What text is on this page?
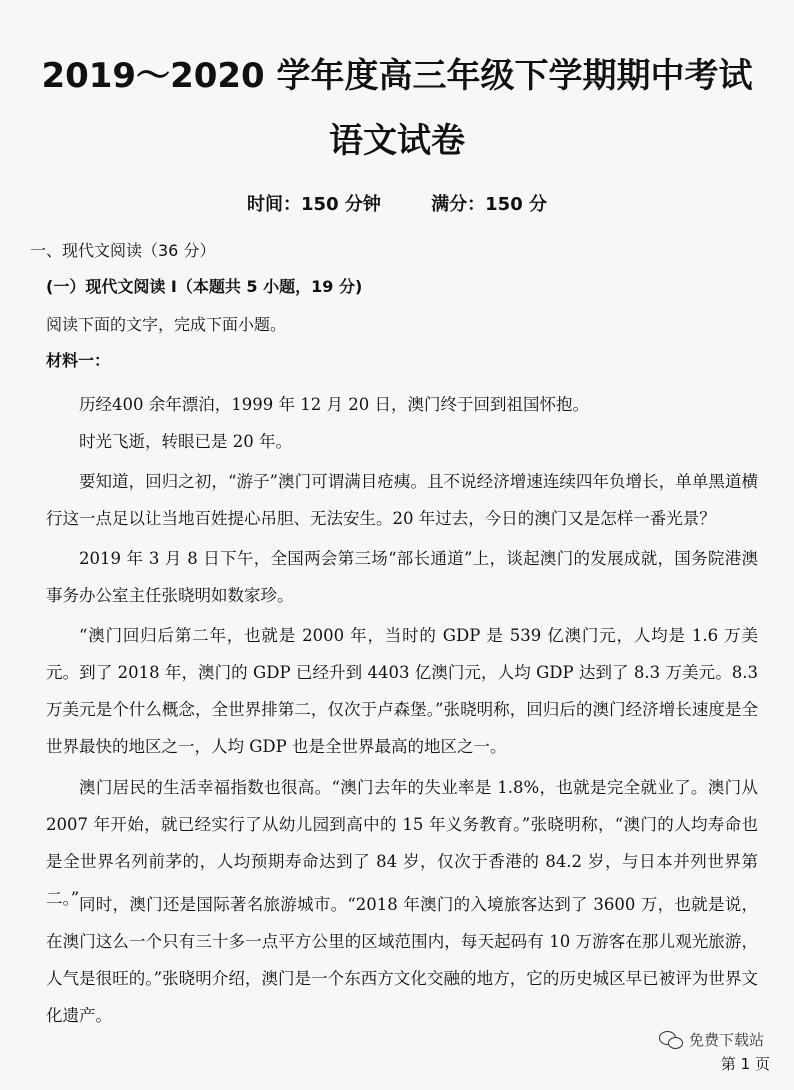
2019～2020 学年度高三年级下学期期中考试
语文试卷
时间：150 分钟	满分：150 分
一、现代文阅读（36 分）
(一）现代文阅读 I（本题共 5 小题，19 分)
阅读下面的文字，完成下面小题。
材料一：
历经400 余年漂泊，1999 年 12 月 20 日，澳门终于回到祖国怀抱。
时光飞逝，转眼已是 20 年。
要知道，回归之初，“游子”澳门可谓满目疮痍。且不说经济增速连续四年负增长，单单黑道横行这一点足以让当地百姓提心吊胆、无法安生。20 年过去，今日的澳门又是怎样一番光景？
2019 年 3 月 8 日下午，全国两会第三场“部长通道”上，谈起澳门的发展成就，国务院港澳事务办公室主任张晓明如数家珍。
“澳门回归后第二年，也就是 2000 年，当时的 GDP 是 539 亿澳门元，人均是 1.6 万美元。到了 2018 年，澳门的 GDP 已经升到 4403 亿澳门元，人均 GDP 达到了 8.3 万美元。8.3 万美元是个什么概念，全世界排第二，仅次于卢森堡。”张晓明称，回归后的澳门经济增长速度是全世界最快的地区之一，人均 GDP 也是全世界最高的地区之一。
澳门居民的生活幸福指数也很高。“澳门去年的失业率是 1.8%，也就是完全就业了。澳门从 2007 年开始，就已经实行了从幼儿园到高中的 15 年义务教育。”张晓明称，“澳门的人均寿命也是全世界名列前茅的，人均预期寿命达到了 84 岁，仅次于香港的 84.2 岁，与日本并列世界第二。” 同时，澳门还是国际著名旅游城市。“2018 年澳门的入境旅客达到了 3600 万，也就是说，在澳门这么一个只有三十多一点平方公里的区域范围内，每天起码有 10 万游客在那儿观光旅游，人气是很旺的。”张晓明介绍，澳门是一个东西方文化交融的地方，它的历史城区早已被评为世界文化遗产。
免费下载站
第 1 页
